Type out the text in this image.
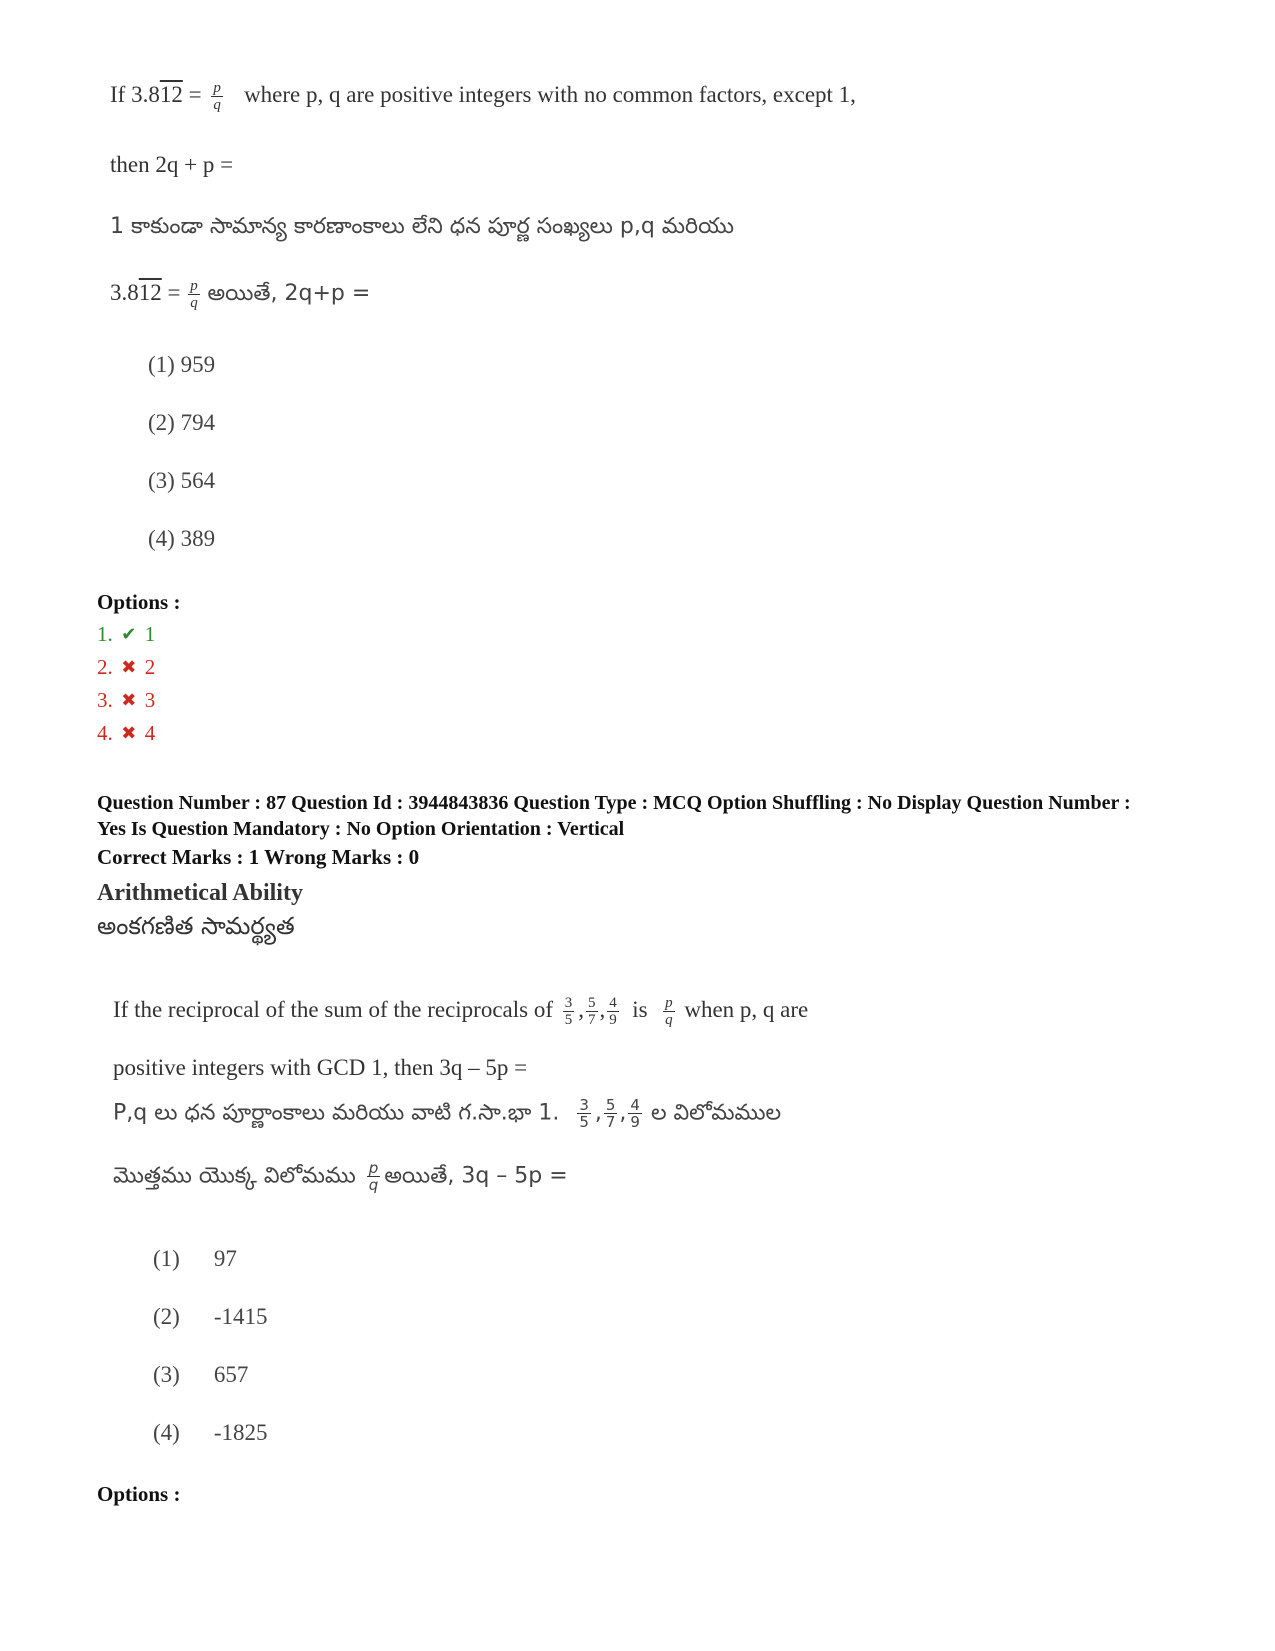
If $3.812 = \frac{p}{q}$ where p, q are positive integers with no common factors, except 1,
then 2q + p =
1 కాకుండా సామాన్య కారణాంకాలు లేని ధన పూర్ణ సంఖ్యలు p,q మరియు
$3.812 = \frac{p}{q}$ అయితే, 2q+p =
(1) 959
(2) 794
(3) 564
(4) 389
Options :
1. ✔ 1
2. ✖ 2
3. ✖ 3
4. ✖ 4
Question Number : 87 Question Id : 3944843836 Question Type : MCQ Option Shuffling : No Display Question Number : Yes Is Question Mandatory : No Option Orientation : Vertical
Correct Marks : 1 Wrong Marks : 0
Arithmetical Ability
అంకగణిత సామర్థ్యత
If the reciprocal of the sum of the reciprocals of $\frac{3}{5}$ , $\frac{5}{7}$ , $\frac{4}{9}$ is $\frac{p}{q}$ when p, q are
positive integers with GCD 1, then 3q – 5p =
P,q లు ధన పూర్ణాంకాలు మరియు వాటి గ.సా.భా 1. $\frac{3}{5}$ , $\frac{5}{7}$ , $\frac{4}{9}$ ల విలోమముల
మొత్తము యొక్క విలోమము $\frac{p}{q}$ అయితే, 3q – 5p =
(1) 97
(2) -1415
(3) 657
(4) -1825
Options :
